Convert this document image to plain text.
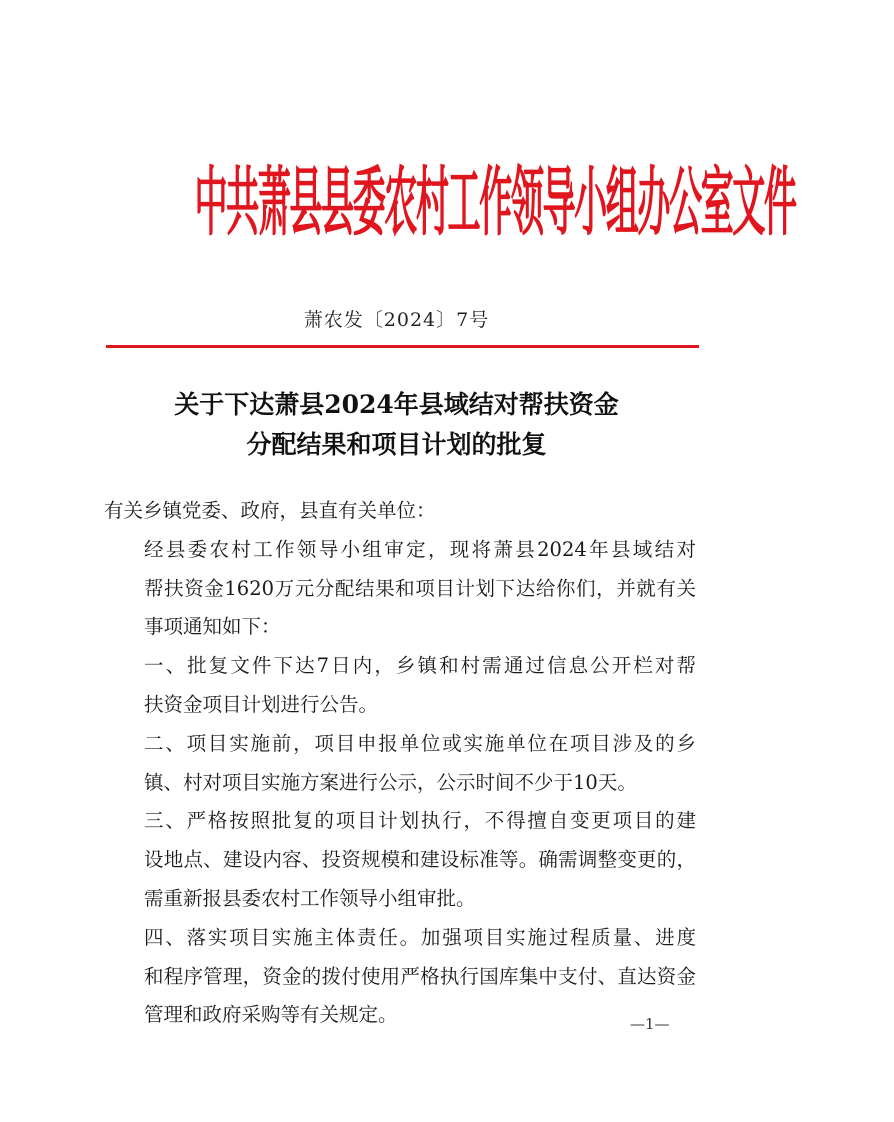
中共萧县县委农村工作领导小组办公室文件
萧农发〔2024〕7号
关于下达萧县2024年县域结对帮扶资金
分配结果和项目计划的批复

有关乡镇党委、政府，县直有关单位：

经县委农村工作领导小组审定，现将萧县2024年县域结对
帮扶资金1620万元分配结果和项目计划下达给你们，并就有关
事项通知如下：

一、批复文件下达7日内，乡镇和村需通过信息公开栏对帮
扶资金项目计划进行公告。

二、项目实施前，项目申报单位或实施单位在项目涉及的乡
镇、村对项目实施方案进行公示，公示时间不少于10天。

三、严格按照批复的项目计划执行，不得擅自变更项目的建
设地点、建设内容、投资规模和建设标准等。确需调整变更的，
需重新报县委农村工作领导小组审批。

四、落实项目实施主体责任。加强项目实施过程质量、进度
和程序管理，资金的拨付使用严格执行国库集中支付、直达资金
管理和政府采购等有关规定。	—1—
